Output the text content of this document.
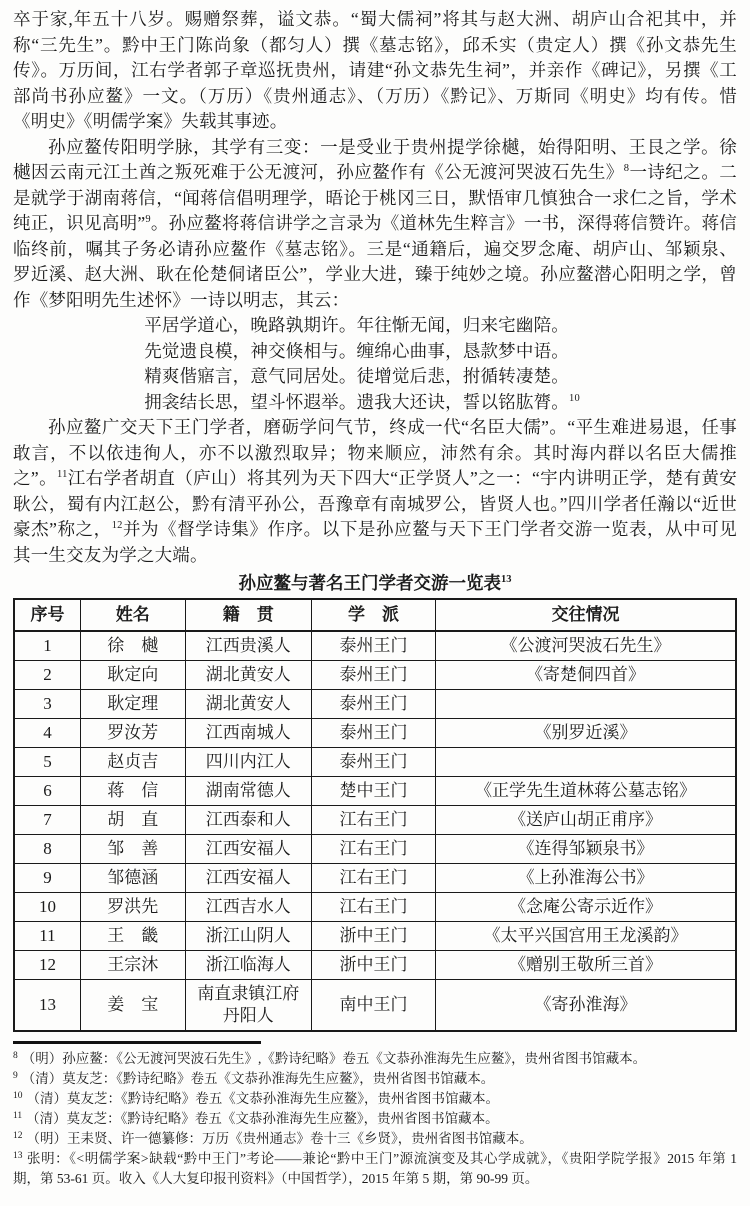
卒于家,年五十八岁。赐赠祭葬，谥文恭。“蜀大儒祠”将其与赵大洲、胡庐山合祀其中，并称“三先生”。黔中王门陈尚象（都匀人）撰《墓志铭》，邱禾实（贵定人）撰《孙文恭先生传》。万历间，江右学者郭子章巡抚贵州，请建“孙文恭先生祠”，并亲作《碑记》，另撰《工部尚书孙应鳌》一文。（万历）《贵州通志》、（万历）《黔记》、万斯同《明史》均有传。惜《明史》《明儒学案》失载其事迹。

孙应鳌传阳明学脉，其学有三变：一是受业于贵州提学徐樾，始得阳明、王艮之学。徐樾因云南元江土酋之叛死难于公无渡河，孙应鳌作有《公无渡河哭波石先生》$^8$一诗纪之。二是就学于湖南蒋信，“闻蒋信倡明理学，晤论于桃冈三日，默悟审几慎独合一求仁之旨，学术纯正，识见高明”$^9$。孙应鳌将蒋信讲学之言录为《道林先生粹言》一书，深得蒋信赞许。蒋信临终前，嘱其子务必请孙应鳌作《墓志铭》。三是“通籍后，遍交罗念庵、胡庐山、邹颖泉、罗近溪、赵大洲、耿在伦楚侗诸臣公”，学业大进，臻于纯妙之境。孙应鳌潜心阳明之学，曾作《梦阳明先生述怀》一诗以明志，其云：

平居学道心，晚路孰期许。年往惭无闻，归来宅幽陪。
先觉遗良模，神交倏相与。缠绵心曲事，恳款梦中语。
精爽偕寤言，意气同居处。徒增觉后悲，拊循转凄楚。
拥衾结长思，望斗怀遐举。遗我大还诀，誓以铭肱膂。$^{10}$

孙应鳌广交天下王门学者，磨砺学问气节，终成一代“名臣大儒”。“平生难进易退，任事敢言，不以依违徇人，亦不以激烈取异；物来顺应，沛然有余。其时海内群以名臣大儒推之”。$^{11}$江右学者胡直（庐山）将其列为天下四大“正学贤人”之一：“宇内讲明正学，楚有黄安耿公，蜀有内江赵公，黔有清平孙公，吾豫章有南城罗公，皆贤人也。”四川学者任瀚以“近世豪杰”称之，$^{12}$并为《督学诗集》作序。以下是孙应鳌与天下王门学者交游一览表，从中可见其一生交友为学之大端。

孙应鳌与著名王门学者交游一览表$^{13}$
序号	姓名	籍　贯	学　派	交往情况
1	徐　樾	江西贵溪人	泰州王门	《公渡河哭波石先生》
2	耿定向	湖北黄安人	泰州王门	《寄楚侗四首》
3	耿定理	湖北黄安人	泰州王门	
4	罗汝芳	江西南城人	泰州王门	《别罗近溪》
5	赵贞吉	四川内江人	泰州王门	
6	蒋　信	湖南常德人	楚中王门	《正学先生道林蒋公墓志铭》
7	胡　直	江西泰和人	江右王门	《送庐山胡正甫序》
8	邹　善	江西安福人	江右王门	《连得邹颖泉书》
9	邹德涵	江西安福人	江右王门	《上孙淮海公书》
10	罗洪先	江西吉水人	江右王门	《念庵公寄示近作》
11	王　畿	浙江山阴人	浙中王门	《太平兴国宫用王龙溪韵》
12	王宗沐	浙江临海人	浙中王门	《赠别王敬所三首》
13	姜　宝	南直隶镇江府丹阳人	南中王门	《寄孙淮海》

$^8$ （明）孙应鳌：《公无渡河哭波石先生》,《黔诗纪略》卷五《文恭孙淮海先生应鳌》，贵州省图书馆藏本。

$^9$ （清）莫友芝：《黔诗纪略》卷五《文恭孙淮海先生应鳌》，贵州省图书馆藏本。

$^{10}$ （清）莫友芝：《黔诗纪略》卷五《文恭孙淮海先生应鳌》，贵州省图书馆藏本。

$^{11}$ （清）莫友芝：《黔诗纪略》卷五《文恭孙淮海先生应鳌》，贵州省图书馆藏本。

$^{12}$ （明）王耒贤、许一德纂修：万历《贵州通志》卷十三《乡贤》，贵州省图书馆藏本。

$^{13}$ 张明：《<明儒学案>缺载“黔中王门”考论——兼论“黔中王门”源流演变及其心学成就》，《贵阳学院学报》2015 年第 1 期，第 53-61 页。收入《人大复印报刊资料》（中国哲学），2015 年第 5 期，第 90-99 页。
